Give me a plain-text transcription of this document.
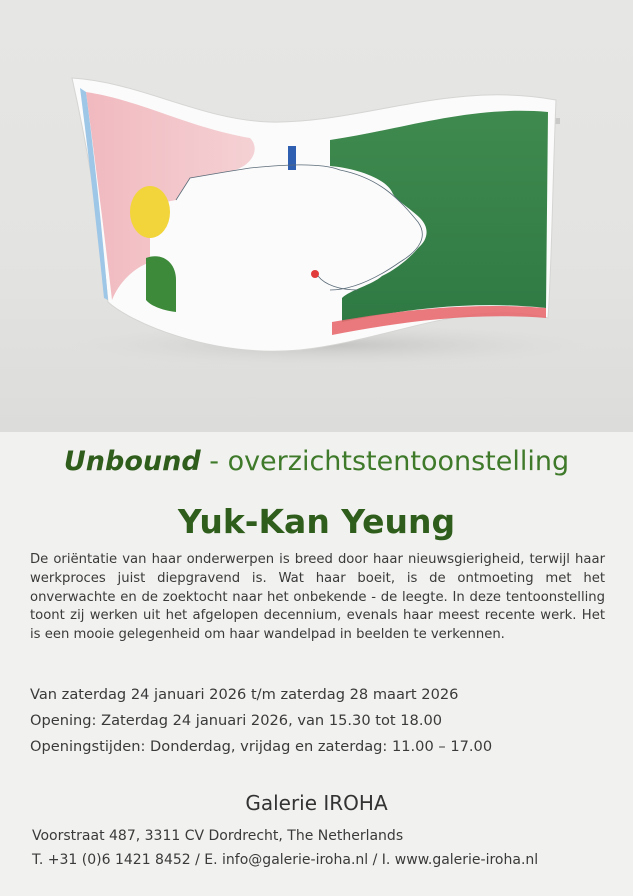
Unbound - overzichtstentoonstelling
Yuk-Kan Yeung
De oriëntatie van haar onderwerpen is breed door haar nieuwsgierigheid, terwijl haar werkproces juist diepgravend is. Wat haar boeit, is de ontmoeting met het onverwachte en de zoektocht naar het onbekende - de leegte. In deze tentoonstelling toont zij werken uit het afgelopen decennium, evenals haar meest recente werk. Het is een mooie gelegenheid om haar wandelpad in beelden te verkennen.
Van zaterdag 24 januari 2026 t/m zaterdag 28 maart 2026
Opening: Zaterdag 24 januari 2026, van 15.30 tot 18.00
Openingstijden: Donderdag, vrijdag en zaterdag: 11.00 – 17.00
Galerie IROHA
Voorstraat 487, 3311 CV Dordrecht, The Netherlands
T. +31 (0)6 1421 8452 / E. info@galerie-iroha.nl / I. www.galerie-iroha.nl
